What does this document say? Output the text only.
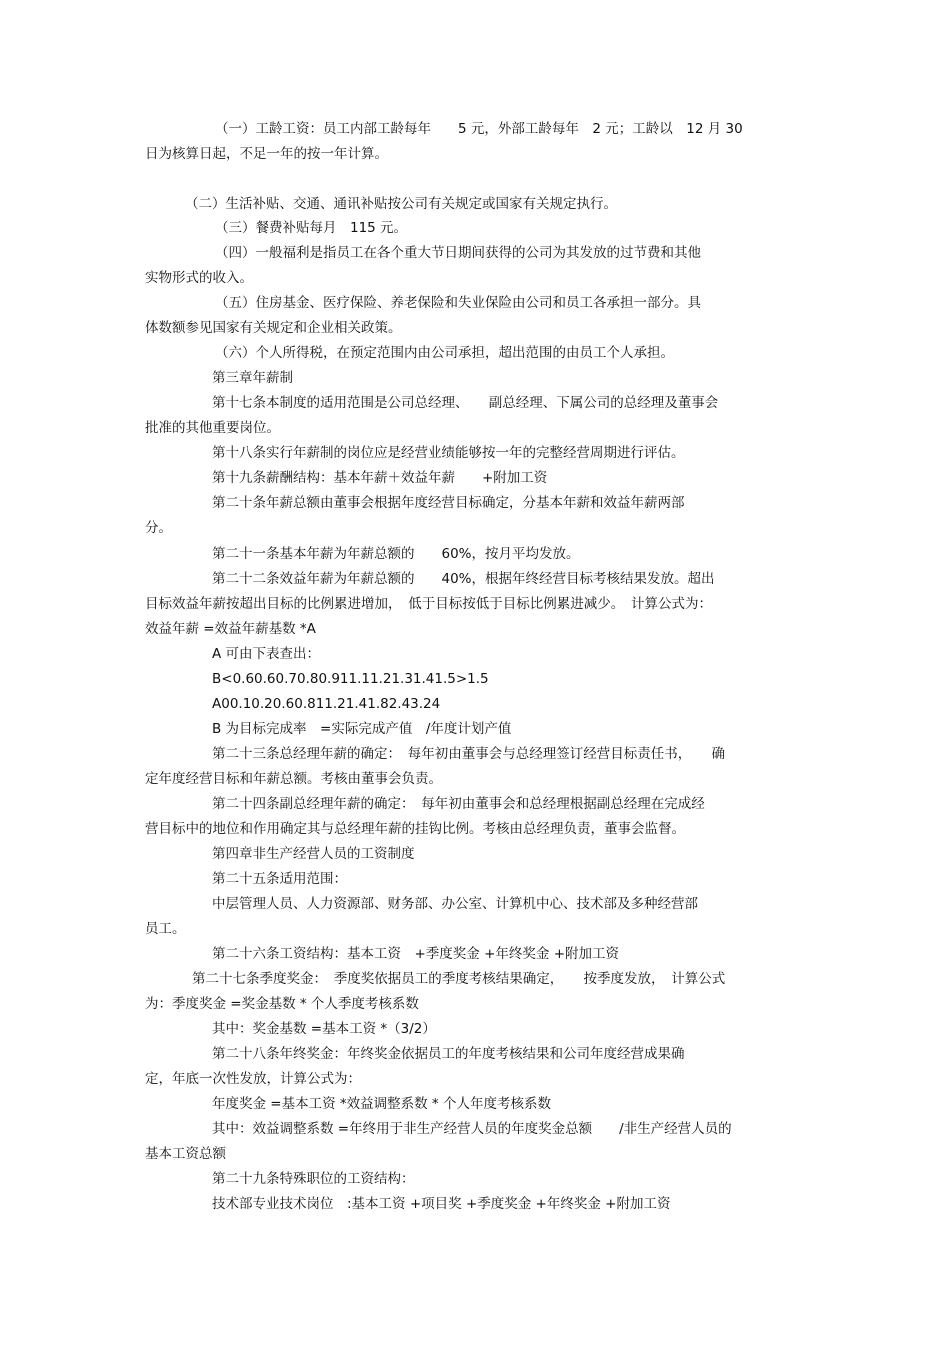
（一）工龄工资：员工内部工龄每年　　5 元，外部工龄每年　2 元；工龄以　12 月 30
日为核算日起，不足一年的按一年计算。
（二）生活补贴、交通、通讯补贴按公司有关规定或国家有关规定执行。
（三）餐费补贴每月　115 元。
（四）一般福利是指员工在各个重大节日期间获得的公司为其发放的过节费和其他
实物形式的收入。
（五）住房基金、医疗保险、养老保险和失业保险由公司和员工各承担一部分。具
体数额参见国家有关规定和企业相关政策。
（六）个人所得税，在预定范围内由公司承担，超出范围的由员工个人承担。
第三章年薪制
第十七条本制度的适用范围是公司总经理、　　副总经理、下属公司的总经理及董事会
批准的其他重要岗位。
第十八条实行年薪制的岗位应是经营业绩能够按一年的完整经营周期进行评估。
第十九条薪酬结构：基本年薪＋效益年薪　　+附加工资
第二十条年薪总额由董事会根据年度经营目标确定，分基本年薪和效益年薪两部
分。
第二十一条基本年薪为年薪总额的　　60%，按月平均发放。
第二十二条效益年薪为年薪总额的　　40%，根据年终经营目标考核结果发放。超出
目标效益年薪按超出目标的比例累进增加，　低于目标按低于目标比例累进减少。　计算公式为：
效益年薪 =效益年薪基数 *A
A 可由下表查出：
B<0.60.60.70.80.911.11.21.31.41.5>1.5
A00.10.20.60.811.21.41.82.43.24
B 为目标完成率　=实际完成产值　/年度计划产值
第二十三条总经理年薪的确定：　每年初由董事会与总经理签订经营目标责任书，　　确
定年度经营目标和年薪总额。考核由董事会负责。
第二十四条副总经理年薪的确定：　每年初由董事会和总经理根据副总经理在完成经
营目标中的地位和作用确定其与总经理年薪的挂钩比例。考核由总经理负责，董事会监督。
第四章非生产经营人员的工资制度
第二十五条适用范围：
中层管理人员、人力资源部、财务部、办公室、计算机中心、技术部及多种经营部
员工。
第二十六条工资结构：基本工资　+季度奖金 +年终奖金 +附加工资
第二十七条季度奖金：　季度奖依据员工的季度考核结果确定，　　按季度发放，　计算公式
为：季度奖金 =奖金基数 * 个人季度考核系数
其中：奖金基数 =基本工资 *（3/2）
第二十八条年终奖金：年终奖金依据员工的年度考核结果和公司年度经营成果确
定，年底一次性发放，计算公式为：
年度奖金 =基本工资 *效益调整系数 * 个人年度考核系数
其中：效益调整系数 =年终用于非生产经营人员的年度奖金总额　　/非生产经营人员的
基本工资总额
第二十九条特殊职位的工资结构：
技术部专业技术岗位　:基本工资 +项目奖 +季度奖金 +年终奖金 +附加工资
